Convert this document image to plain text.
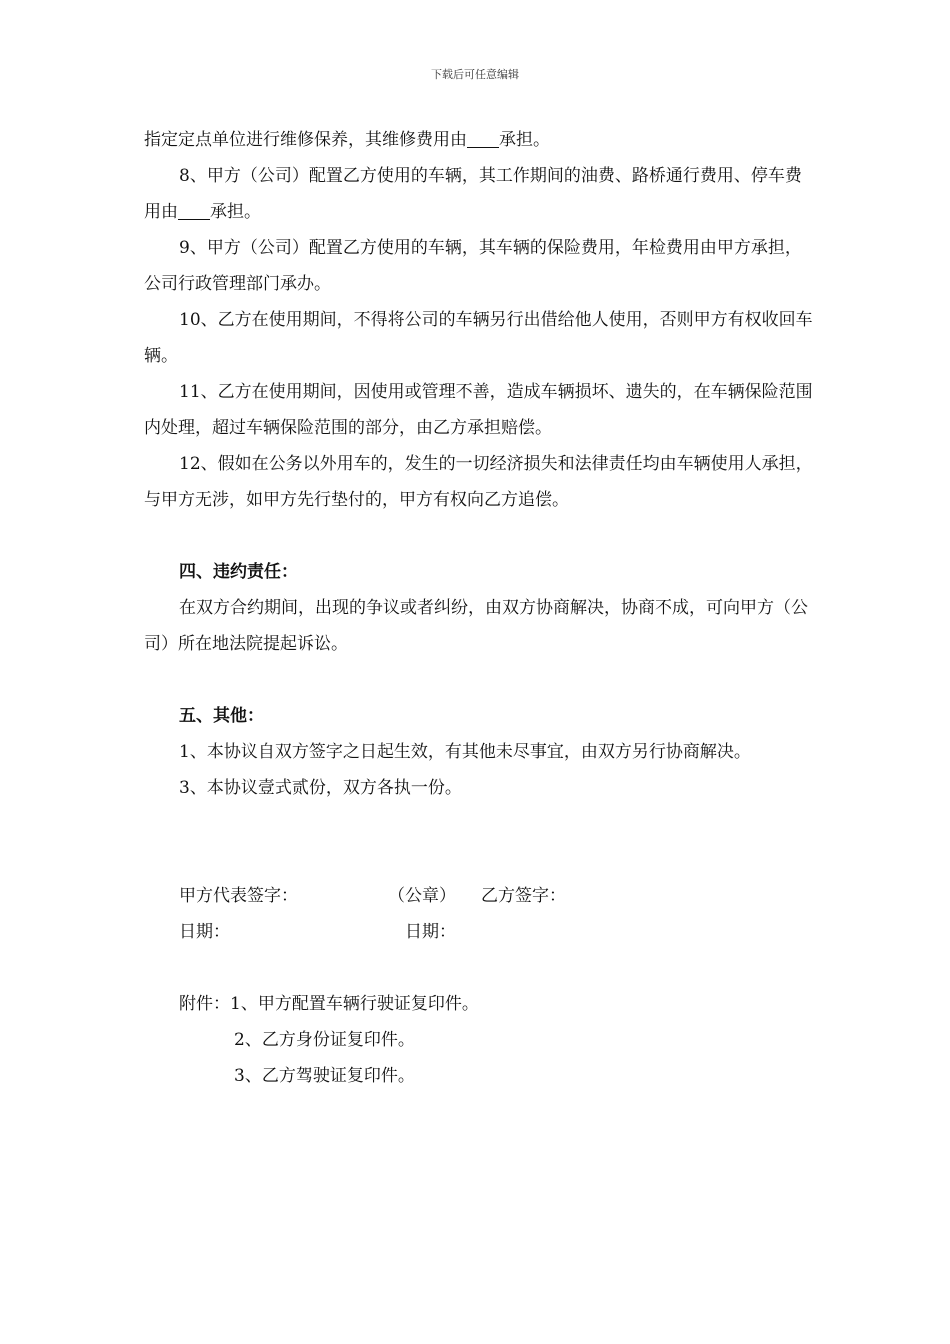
下载后可任意编辑

指定定点单位进行维修保养，其维修费用由 承担。

8、甲方（公司）配置乙方使用的车辆，其工作期间的油费、路桥通行费用、停车费用由 承担。

9、甲方（公司）配置乙方使用的车辆，其车辆的保险费用，年检费用由甲方承担，公司行政管理部门承办。

10、乙方在使用期间，不得将公司的车辆另行出借给他人使用，否则甲方有权收回车辆。

11、乙方在使用期间，因使用或管理不善，造成车辆损坏、遗失的，在车辆保险范围内处理，超过车辆保险范围的部分，由乙方承担赔偿。

12、假如在公务以外用车的，发生的一切经济损失和法律责任均由车辆使用人承担，与甲方无涉，如甲方先行垫付的，甲方有权向乙方追偿。

四、违约责任：

在双方合约期间，出现的争议或者纠纷，由双方协商解决，协商不成，可向甲方（公司）所在地法院提起诉讼。

五、其他：

1、本协议自双方签字之日起生效，有其他未尽事宜，由双方另行协商解决。

3、本协议壹式贰份，双方各执一份。

甲方代表签字：	（公章） 乙方签字：
日期：	日期：

附件：1、甲方配置车辆行驶证复印件。

2、乙方身份证复印件。

3、乙方驾驶证复印件。
